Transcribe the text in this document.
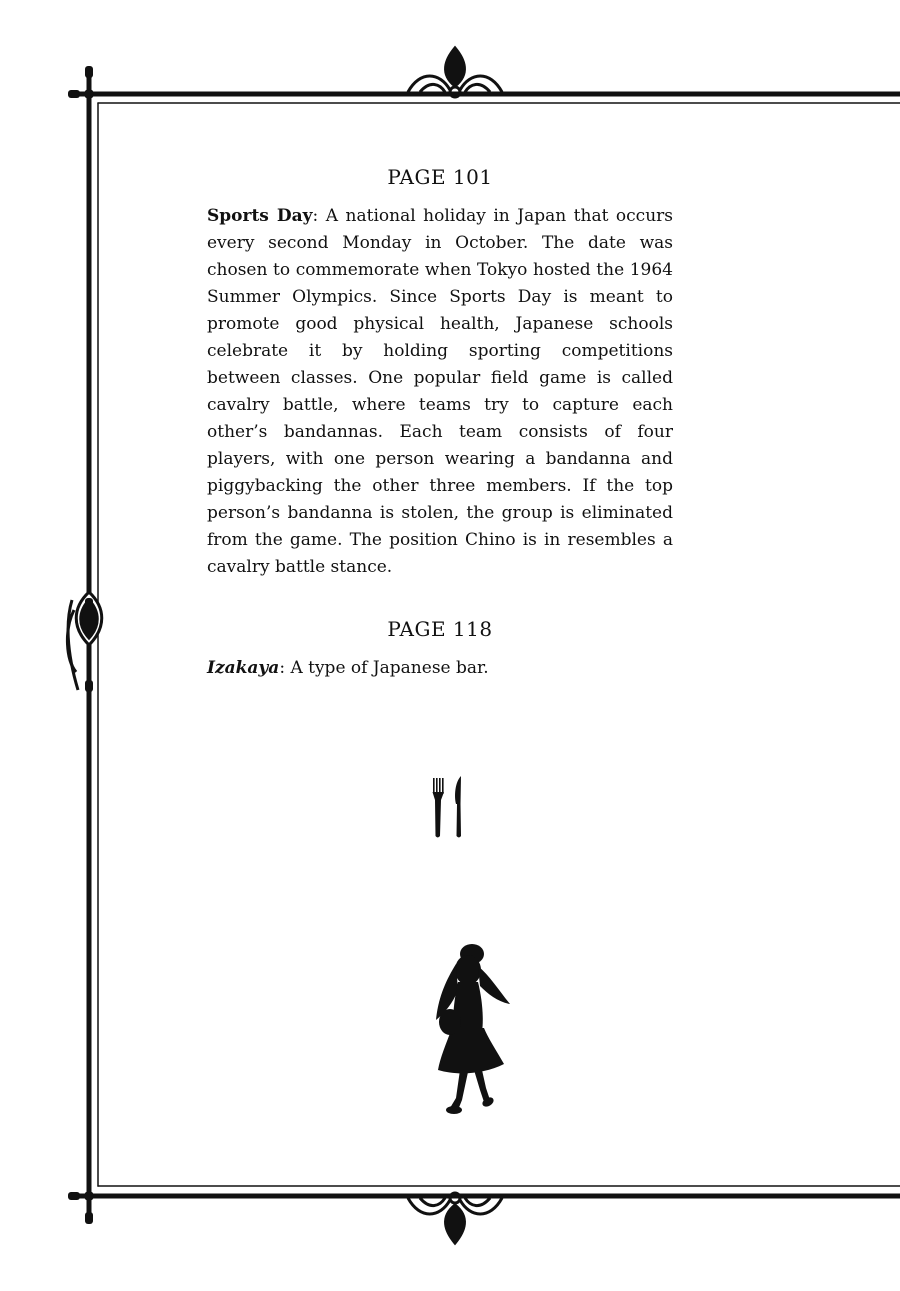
PAGE 101

Sports Day: A national holiday in Japan that occurs every second Monday in October. The date was chosen to commemorate when Tokyo hosted the 1964 Summer Olympics. Since Sports Day is meant to promote good physical health, Japanese schools celebrate it by holding sporting competitions between classes. One popular field game is called cavalry battle, where teams try to capture each other’s bandannas. Each team consists of four players, with one person wearing a bandanna and piggybacking the other three members. If the top person’s bandanna is stolen, the group is eliminated from the game. The position Chino is in resembles a cavalry battle stance.

PAGE 118

Izakaya: A type of Japanese bar.
